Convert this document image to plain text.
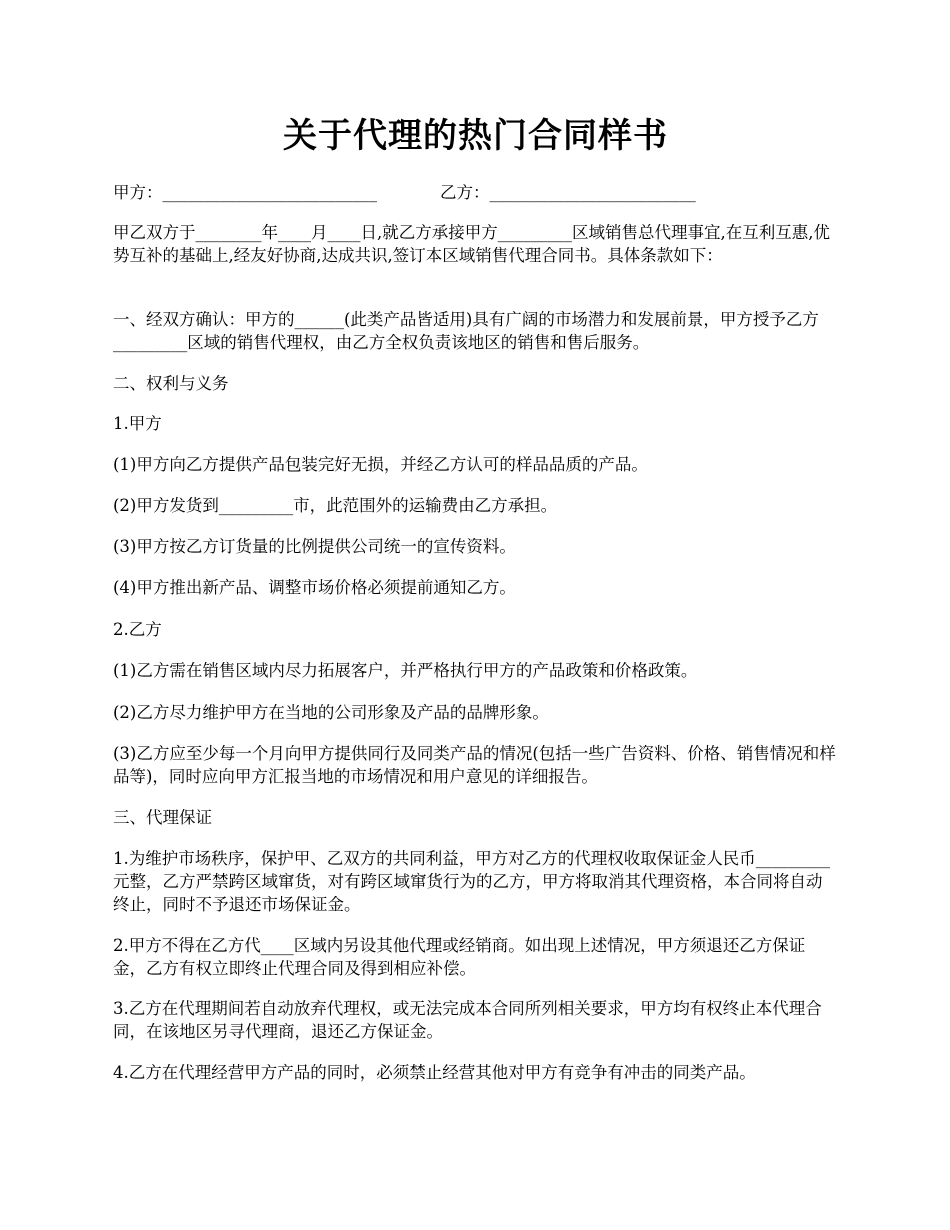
关于代理的热门合同样书
甲方：__________________________	乙方：_________________________

甲乙双方于________年____月____日,就乙方承接甲方_________区域销售总代理事宜,在互利互惠,优势互补的基础上,经友好协商,达成共识,签订本区域销售代理合同书。具体条款如下：

一、经双方确认：甲方的______(此类产品皆适用)具有广阔的市场潜力和发展前景，甲方授予乙方_________区域的销售代理权，由乙方全权负责该地区的销售和售后服务。

二、权利与义务

1.甲方

(1)甲方向乙方提供产品包装完好无损，并经乙方认可的样品品质的产品。

(2)甲方发货到_________市，此范围外的运输费由乙方承担。

(3)甲方按乙方订货量的比例提供公司统一的宣传资料。

(4)甲方推出新产品、调整市场价格必须提前通知乙方。

2.乙方

(1)乙方需在销售区域内尽力拓展客户，并严格执行甲方的产品政策和价格政策。

(2)乙方尽力维护甲方在当地的公司形象及产品的品牌形象。

(3)乙方应至少每一个月向甲方提供同行及同类产品的情况(包括一些广告资料、价格、销售情况和样品等)，同时应向甲方汇报当地的市场情况和用户意见的详细报告。

三、代理保证

1.为维护市场秩序，保护甲、乙双方的共同利益，甲方对乙方的代理权收取保证金人民币_________元整，乙方严禁跨区域窜货，对有跨区域窜货行为的乙方，甲方将取消其代理资格，本合同将自动终止，同时不予退还市场保证金。

2.甲方不得在乙方代____区域内另设其他代理或经销商。如出现上述情况，甲方须退还乙方保证金，乙方有权立即终止代理合同及得到相应补偿。

3.乙方在代理期间若自动放弃代理权，或无法完成本合同所列相关要求，甲方均有权终止本代理合同，在该地区另寻代理商，退还乙方保证金。

4.乙方在代理经营甲方产品的同时，必须禁止经营其他对甲方有竞争有冲击的同类产品。
